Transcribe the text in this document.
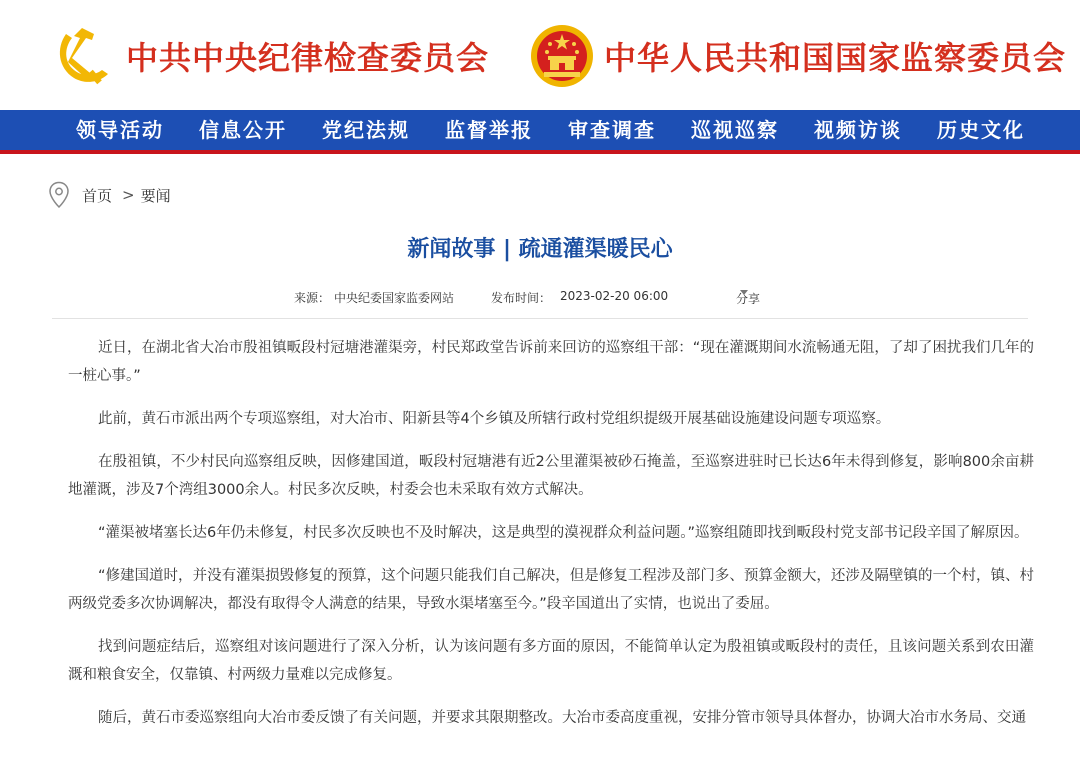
中共中央纪律检查委员会	中华人民共和国国家监察委员会
领导活动 信息公开 党纪法规 监督举报 审查调查 巡视巡察 视频访谈 历史文化
首页 > 要闻
新闻故事 | 疏通灌渠暖民心
来源： 中央纪委国家监委网站	发布时间： 2023-02-20 06:00	分享

近日，在湖北省大冶市殷祖镇畈段村冠塘港灌渠旁，村民郑政堂告诉前来回访的巡察组干部：“现在灌溉期间水流畅通无阻，了却了困扰我们几年的一桩心事。”

此前，黄石市派出两个专项巡察组，对大冶市、阳新县等4个乡镇及所辖行政村党组织提级开展基础设施建设问题专项巡察。

在殷祖镇，不少村民向巡察组反映，因修建国道，畈段村冠塘港有近2公里灌渠被砂石掩盖，至巡察进驻时已长达6年未得到修复，影响800余亩耕地灌溉，涉及7个湾组3000余人。村民多次反映，村委会也未采取有效方式解决。

“灌渠被堵塞长达6年仍未修复，村民多次反映也不及时解决，这是典型的漠视群众利益问题。”巡察组随即找到畈段村党支部书记段辛国了解原因。

“修建国道时，并没有灌渠损毁修复的预算，这个问题只能我们自己解决，但是修复工程涉及部门多、预算金额大，还涉及隔壁镇的一个村，镇、村两级党委多次协调解决，都没有取得令人满意的结果，导致水渠堵塞至今。”段辛国道出了实情，也说出了委屈。

找到问题症结后，巡察组对该问题进行了深入分析，认为该问题有多方面的原因，不能简单认定为殷祖镇或畈段村的责任，且该问题关系到农田灌溉和粮食安全，仅靠镇、村两级力量难以完成修复。

随后，黄石市委巡察组向大冶市委反馈了有关问题，并要求其限期整改。大冶市委高度重视，安排分管市领导具体督办，协调大冶市水务局、交通
